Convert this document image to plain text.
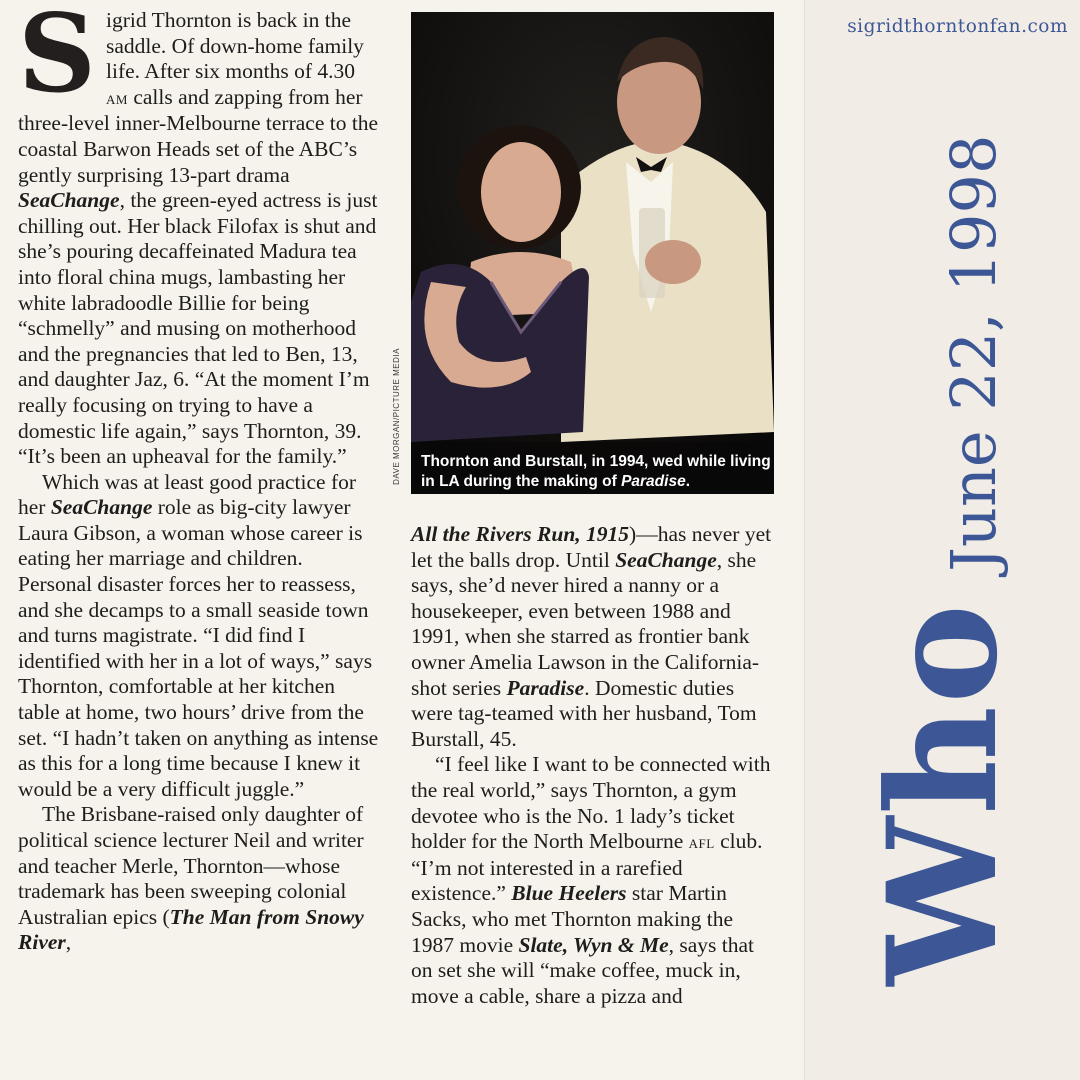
Sigrid Thornton is back in the saddle. Of down-home family life. After six months of 4.30 am calls and zapping from her three-level inner-Melbourne terrace to the coastal Barwon Heads set of the ABC’s gently surprising 13-part drama SeaChange, the green-eyed actress is just chilling out. Her black Filofax is shut and she’s pouring decaffeinated Madura tea into floral china mugs, lambasting her white labradoodle Billie for being “schmelly” and musing on motherhood and the pregnancies that led to Ben, 13, and daughter Jaz, 6. “At the moment I’m really focusing on trying to have a domestic life again,” says Thornton, 39. “It’s been an upheaval for the family.”

Which was at least good practice for her SeaChange role as big-city lawyer Laura Gibson, a woman whose career is eating her marriage and children. Personal disaster forces her to reassess, and she decamps to a small seaside town and turns magistrate. “I did find I identified with her in a lot of ways,” says Thornton, comfortable at her kitchen table at home, two hours’ drive from the set. “I hadn’t taken on anything as intense as this for a long time because I knew it would be a very difficult juggle.”

The Brisbane-raised only daughter of political science lecturer Neil and writer and teacher Merle, Thornton—whose trademark has been sweeping colonial Australian epics (The Man from Snowy River,

Thornton and Burstall, in 1994, wed while living in LA during the making of Paradise.
DAVE MORGAN/PICTURE MEDIA

All the Rivers Run, 1915)—has never yet let the balls drop. Until SeaChange, she says, she’d never hired a nanny or a housekeeper, even between 1988 and 1991, when she starred as frontier bank owner Amelia Lawson in the California-shot series Paradise. Domestic duties were tag-teamed with her husband, Tom Burstall, 45.

“I feel like I want to be connected with the real world,” says Thornton, a gym devotee who is the No. 1 lady’s ticket holder for the North Melbourne afl club. “I’m not interested in a rarefied existence.” Blue Heelers star Martin Sacks, who met Thornton making the 1987 movie Slate, Wyn & Me, says that on set she will “make coffee, muck in, move a cable, share a pizza and

sigridthorntonfan.com
WhoJune 22, 1998
